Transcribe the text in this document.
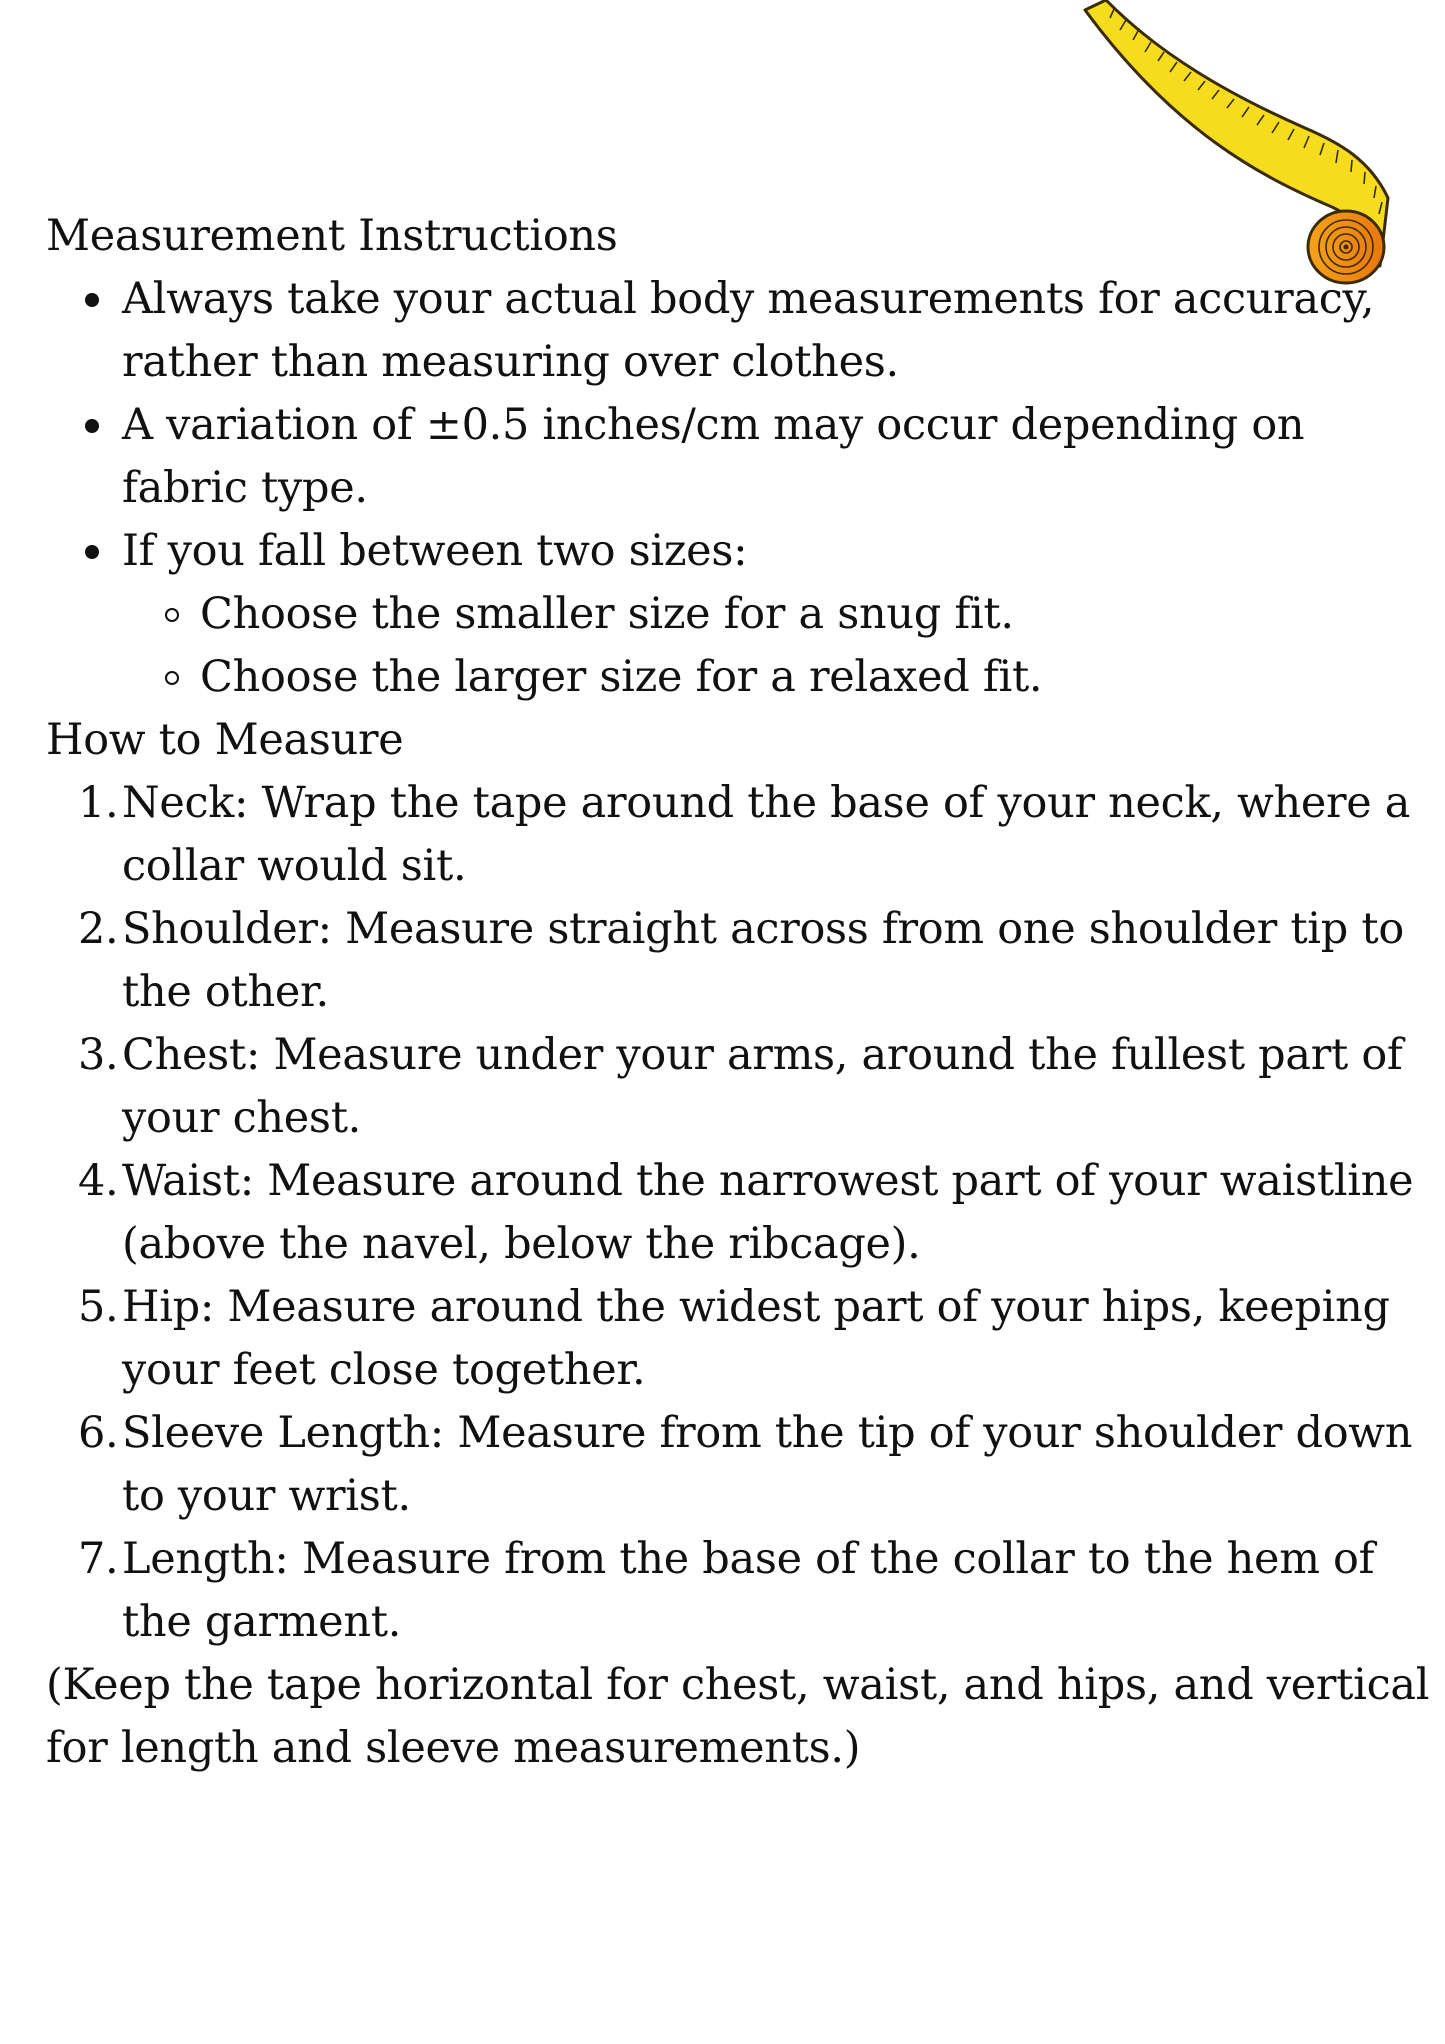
Measurement Instructions

Always take your actual body measurements for accuracy, rather than measuring over clothes.
A variation of ±0.5 inches/cm may occur depending on fabric type.
If you fall between two sizes:
Choose the smaller size for a snug fit.
Choose the larger size for a relaxed fit.

How to Measure

1. Neck: Wrap the tape around the base of your neck, where a collar would sit.
2. Shoulder: Measure straight across from one shoulder tip to the other.
3. Chest: Measure under your arms, around the fullest part of your chest.
4. Waist: Measure around the narrowest part of your waistline (above the navel, below the ribcage).
5. Hip: Measure around the widest part of your hips, keeping your feet close together.
6. Sleeve Length: Measure from the tip of your shoulder down to your wrist.
7. Length: Measure from the base of the collar to the hem of the garment.

(Keep the tape horizontal for chest, waist, and hips, and vertical for length and sleeve measurements.)
